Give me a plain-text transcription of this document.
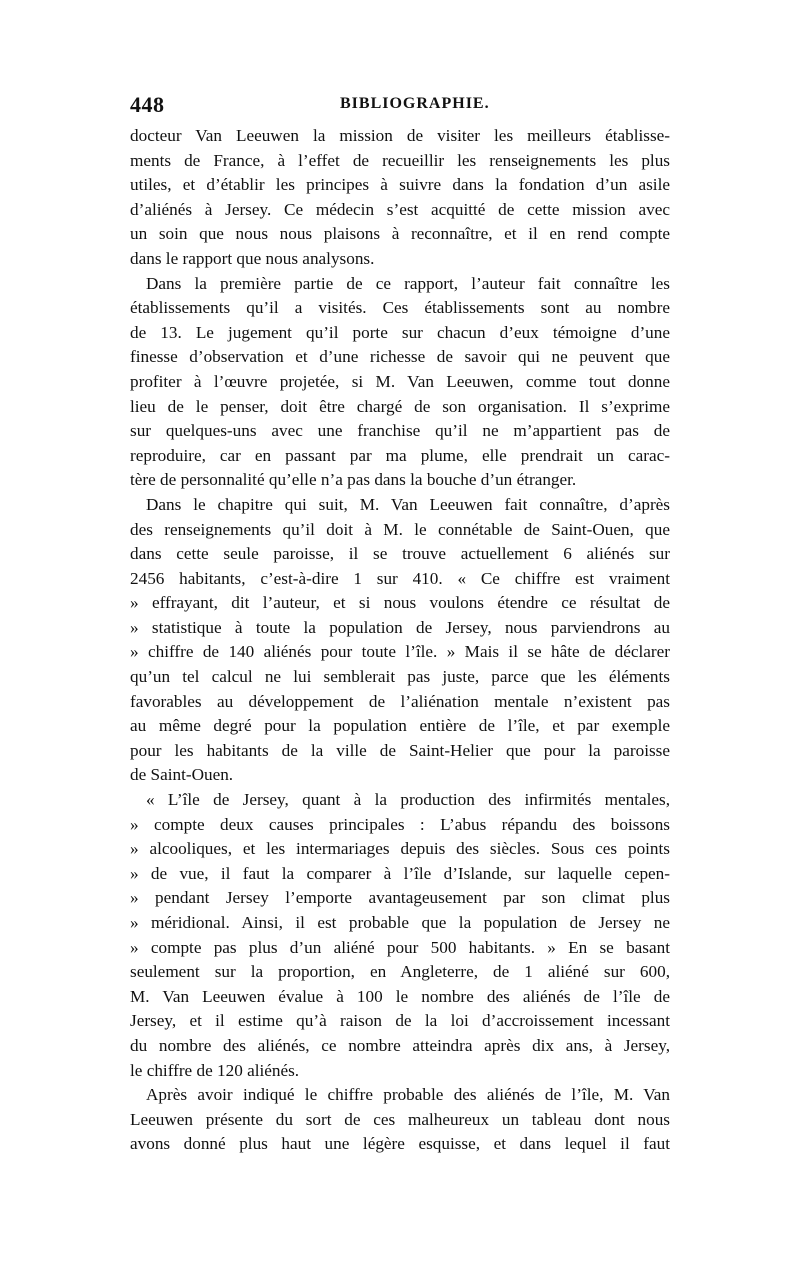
448	BIBLIOGRAPHIE.
docteur Van Leeuwen la mission de visiter les meilleurs établisse-
ments de France, à l’effet de recueillir les renseignements les plus
utiles, et d’établir les principes à suivre dans la fondation d’un asile
d’aliénés à Jersey. Ce médecin s’est acquitté de cette mission avec
un soin que nous nous plaisons à reconnaître, et il en rend compte
dans le rapport que nous analysons.
Dans la première partie de ce rapport, l’auteur fait connaître les
établissements qu’il a visités. Ces établissements sont au nombre
de 13. Le jugement qu’il porte sur chacun d’eux témoigne d’une
finesse d’observation et d’une richesse de savoir qui ne peuvent que
profiter à l’œuvre projetée, si M. Van Leeuwen, comme tout donne
lieu de le penser, doit être chargé de son organisation. Il s’exprime
sur quelques-uns avec une franchise qu’il ne m’appartient pas de
reproduire, car en passant par ma plume, elle prendrait un carac-
tère de personnalité qu’elle n’a pas dans la bouche d’un étranger.
Dans le chapitre qui suit, M. Van Leeuwen fait connaître, d’après
des renseignements qu’il doit à M. le connétable de Saint-Ouen, que
dans cette seule paroisse, il se trouve actuellement 6 aliénés sur
2456 habitants, c’est-à-dire 1 sur 410. « Ce chiffre est vraiment
» effrayant, dit l’auteur, et si nous voulons étendre ce résultat de
» statistique à toute la population de Jersey, nous parviendrons au
» chiffre de 140 aliénés pour toute l’île. » Mais il se hâte de déclarer
qu’un tel calcul ne lui semblerait pas juste, parce que les éléments
favorables au développement de l’aliénation mentale n’existent pas
au même degré pour la population entière de l’île, et par exemple
pour les habitants de la ville de Saint-Helier que pour la paroisse
de Saint-Ouen.
« L’île de Jersey, quant à la production des infirmités mentales,
» compte deux causes principales : L’abus répandu des boissons
» alcooliques, et les intermariages depuis des siècles. Sous ces points
» de vue, il faut la comparer à l’île d’Islande, sur laquelle cepen-
» pendant Jersey l’emporte avantageusement par son climat plus
» méridional. Ainsi, il est probable que la population de Jersey ne
» compte pas plus d’un aliéné pour 500 habitants. » En se basant
seulement sur la proportion, en Angleterre, de 1 aliéné sur 600,
M. Van Leeuwen évalue à 100 le nombre des aliénés de l’île de
Jersey, et il estime qu’à raison de la loi d’accroissement incessant
du nombre des aliénés, ce nombre atteindra après dix ans, à Jersey,
le chiffre de 120 aliénés.
Après avoir indiqué le chiffre probable des aliénés de l’île, M. Van
Leeuwen présente du sort de ces malheureux un tableau dont nous
avons donné plus haut une légère esquisse, et dans lequel il faut
